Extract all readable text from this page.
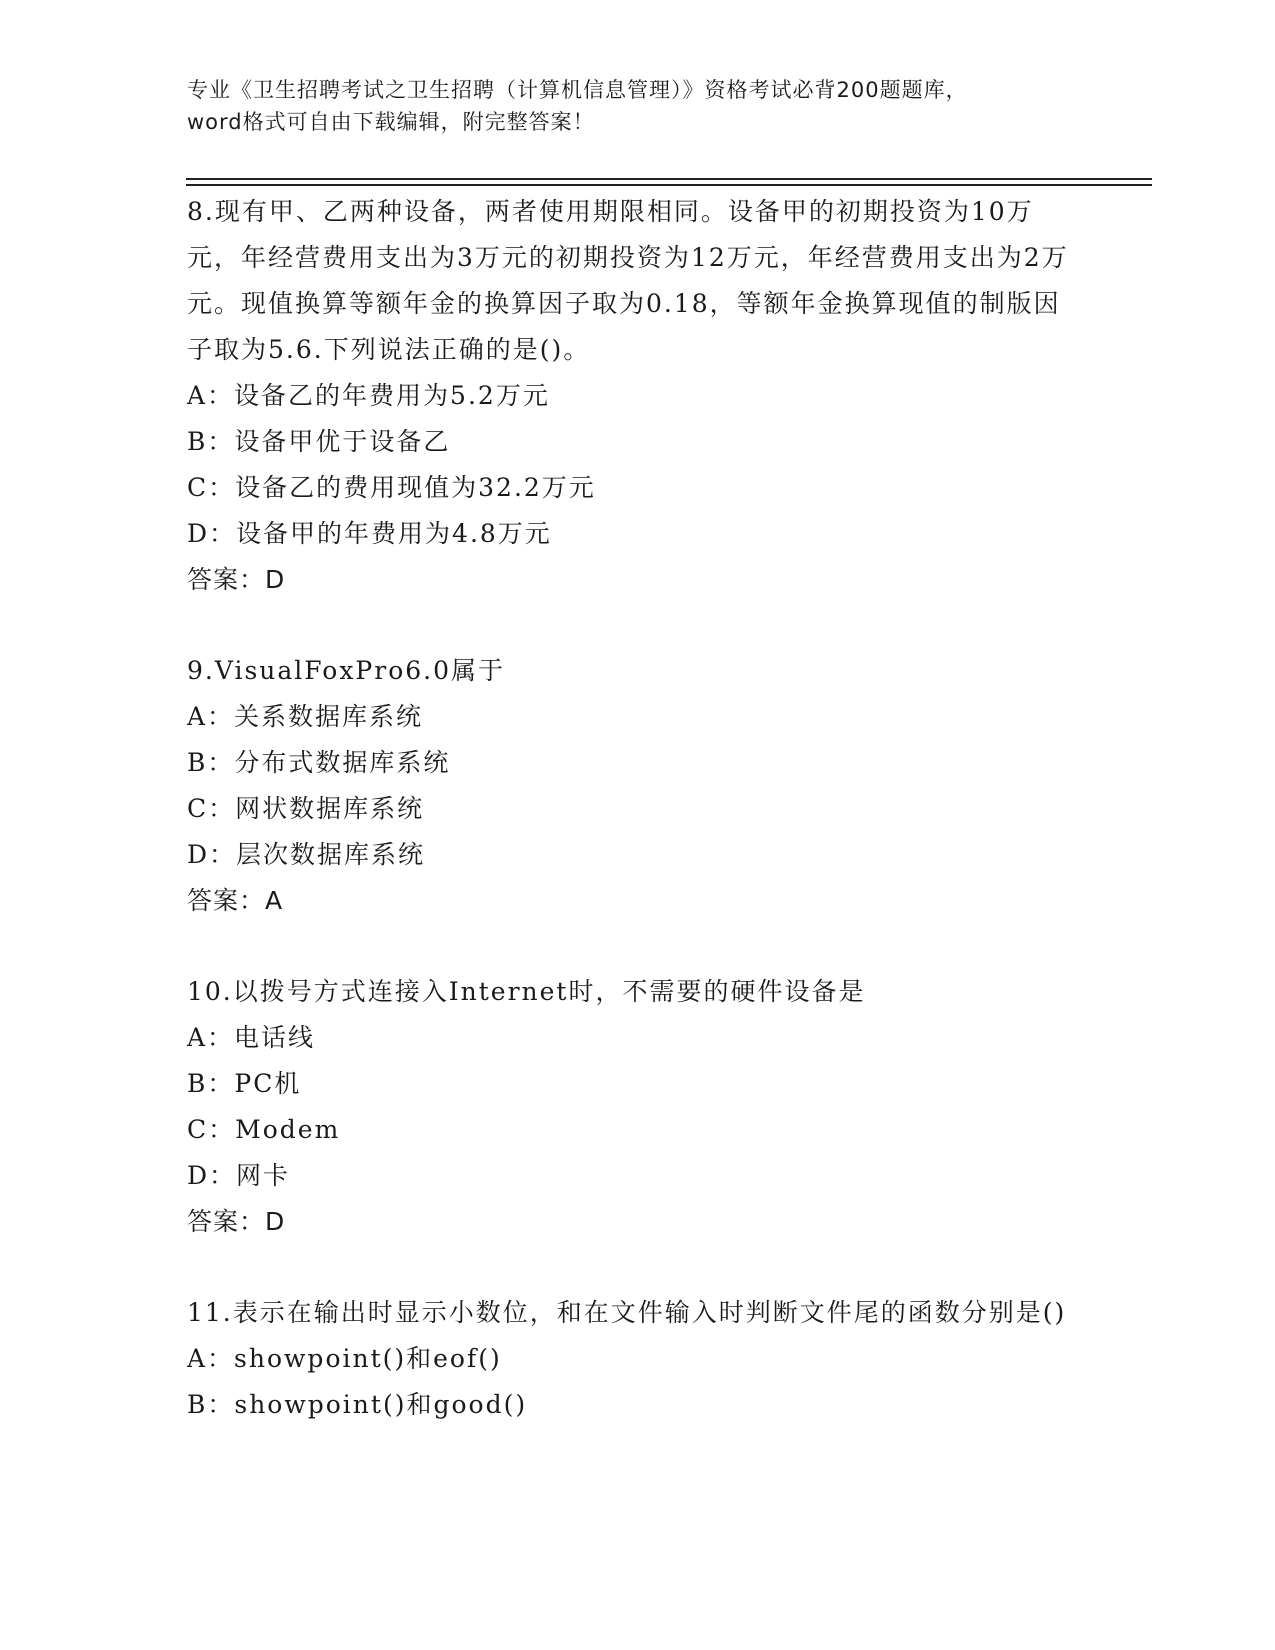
专业《卫生招聘考试之卫生招聘（计算机信息管理）》资格考试必背200题题库，
word格式可自由下载编辑，附完整答案！
8.现有甲、乙两种设备，两者使用期限相同。设备甲的初期投资为10万元，年经营费用支出为3万元的初期投资为12万元，年经营费用支出为2万元。现值换算等额年金的换算因子取为0.18，等额年金换算现值的制版因子取为5.6.下列说法正确的是()。
A：设备乙的年费用为5.2万元
B：设备甲优于设备乙
C：设备乙的费用现值为32.2万元
D：设备甲的年费用为4.8万元
答案：D
9.VisualFoxPro6.0属于
A：关系数据库系统
B：分布式数据库系统
C：网状数据库系统
D：层次数据库系统
答案：A
10.以拨号方式连接入Internet时，不需要的硬件设备是
A：电话线
B：PC机
C：Modem
D：网卡
答案：D
11.表示在输出时显示小数位，和在文件输入时判断文件尾的函数分别是()
A：showpoint()和eof()
B：showpoint()和good()
